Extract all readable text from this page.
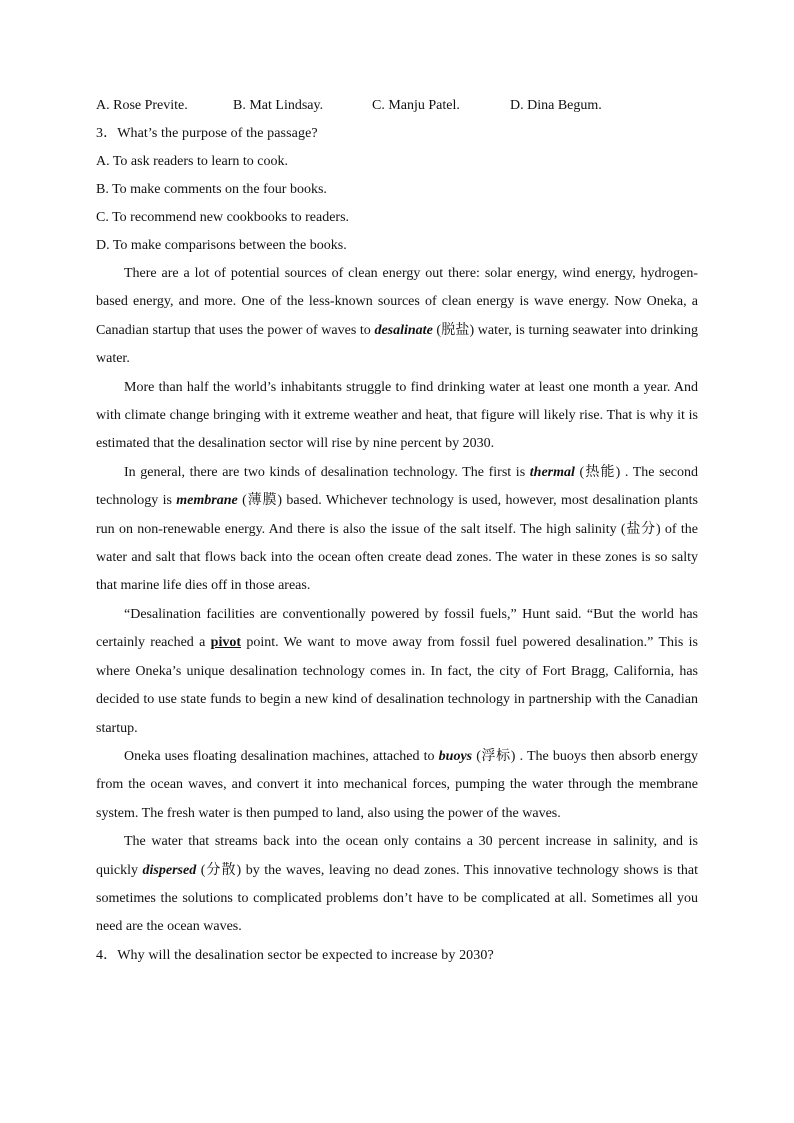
A. Rose Previte.	B. Mat Lindsay.	C. Manju Patel.	D. Dina Begum.
3．What’s the purpose of the passage?
A. To ask readers to learn to cook.
B. To make comments on the four books.
C. To recommend new cookbooks to readers.
D. To make comparisons between the books.

There are a lot of potential sources of clean energy out there: solar energy, wind energy, hydrogen-based energy, and more. One of the less-known sources of clean energy is wave energy. Now Oneka, a Canadian startup that uses the power of waves to desalinate (脱盐) water, is turning seawater into drinking water.

More than half the world’s inhabitants struggle to find drinking water at least one month a year. And with climate change bringing with it extreme weather and heat, that figure will likely rise. That is why it is estimated that the desalination sector will rise by nine percent by 2030.

In general, there are two kinds of desalination technology. The first is thermal (热能) . The second technology is membrane (薄膜) based. Whichever technology is used, however, most desalination plants run on non-renewable energy. And there is also the issue of the salt itself. The high salinity (盐分) of the water and salt that flows back into the ocean often create dead zones. The water in these zones is so salty that marine life dies off in those areas.

“Desalination facilities are conventionally powered by fossil fuels,” Hunt said. “But the world has certainly reached a pivot point. We want to move away from fossil fuel powered desalination.” This is where Oneka’s unique desalination technology comes in. In fact, the city of Fort Bragg, California, has decided to use state funds to begin a new kind of desalination technology in partnership with the Canadian startup.

Oneka uses floating desalination machines, attached to buoys (浮标) . The buoys then absorb energy from the ocean waves, and convert it into mechanical forces, pumping the water through the membrane system. The fresh water is then pumped to land, also using the power of the waves.

The water that streams back into the ocean only contains a 30 percent increase in salinity, and is quickly dispersed (分散) by the waves, leaving no dead zones. This innovative technology shows is that sometimes the solutions to complicated problems don’t have to be complicated at all. Sometimes all you need are the ocean waves.

4．Why will the desalination sector be expected to increase by 2030?
